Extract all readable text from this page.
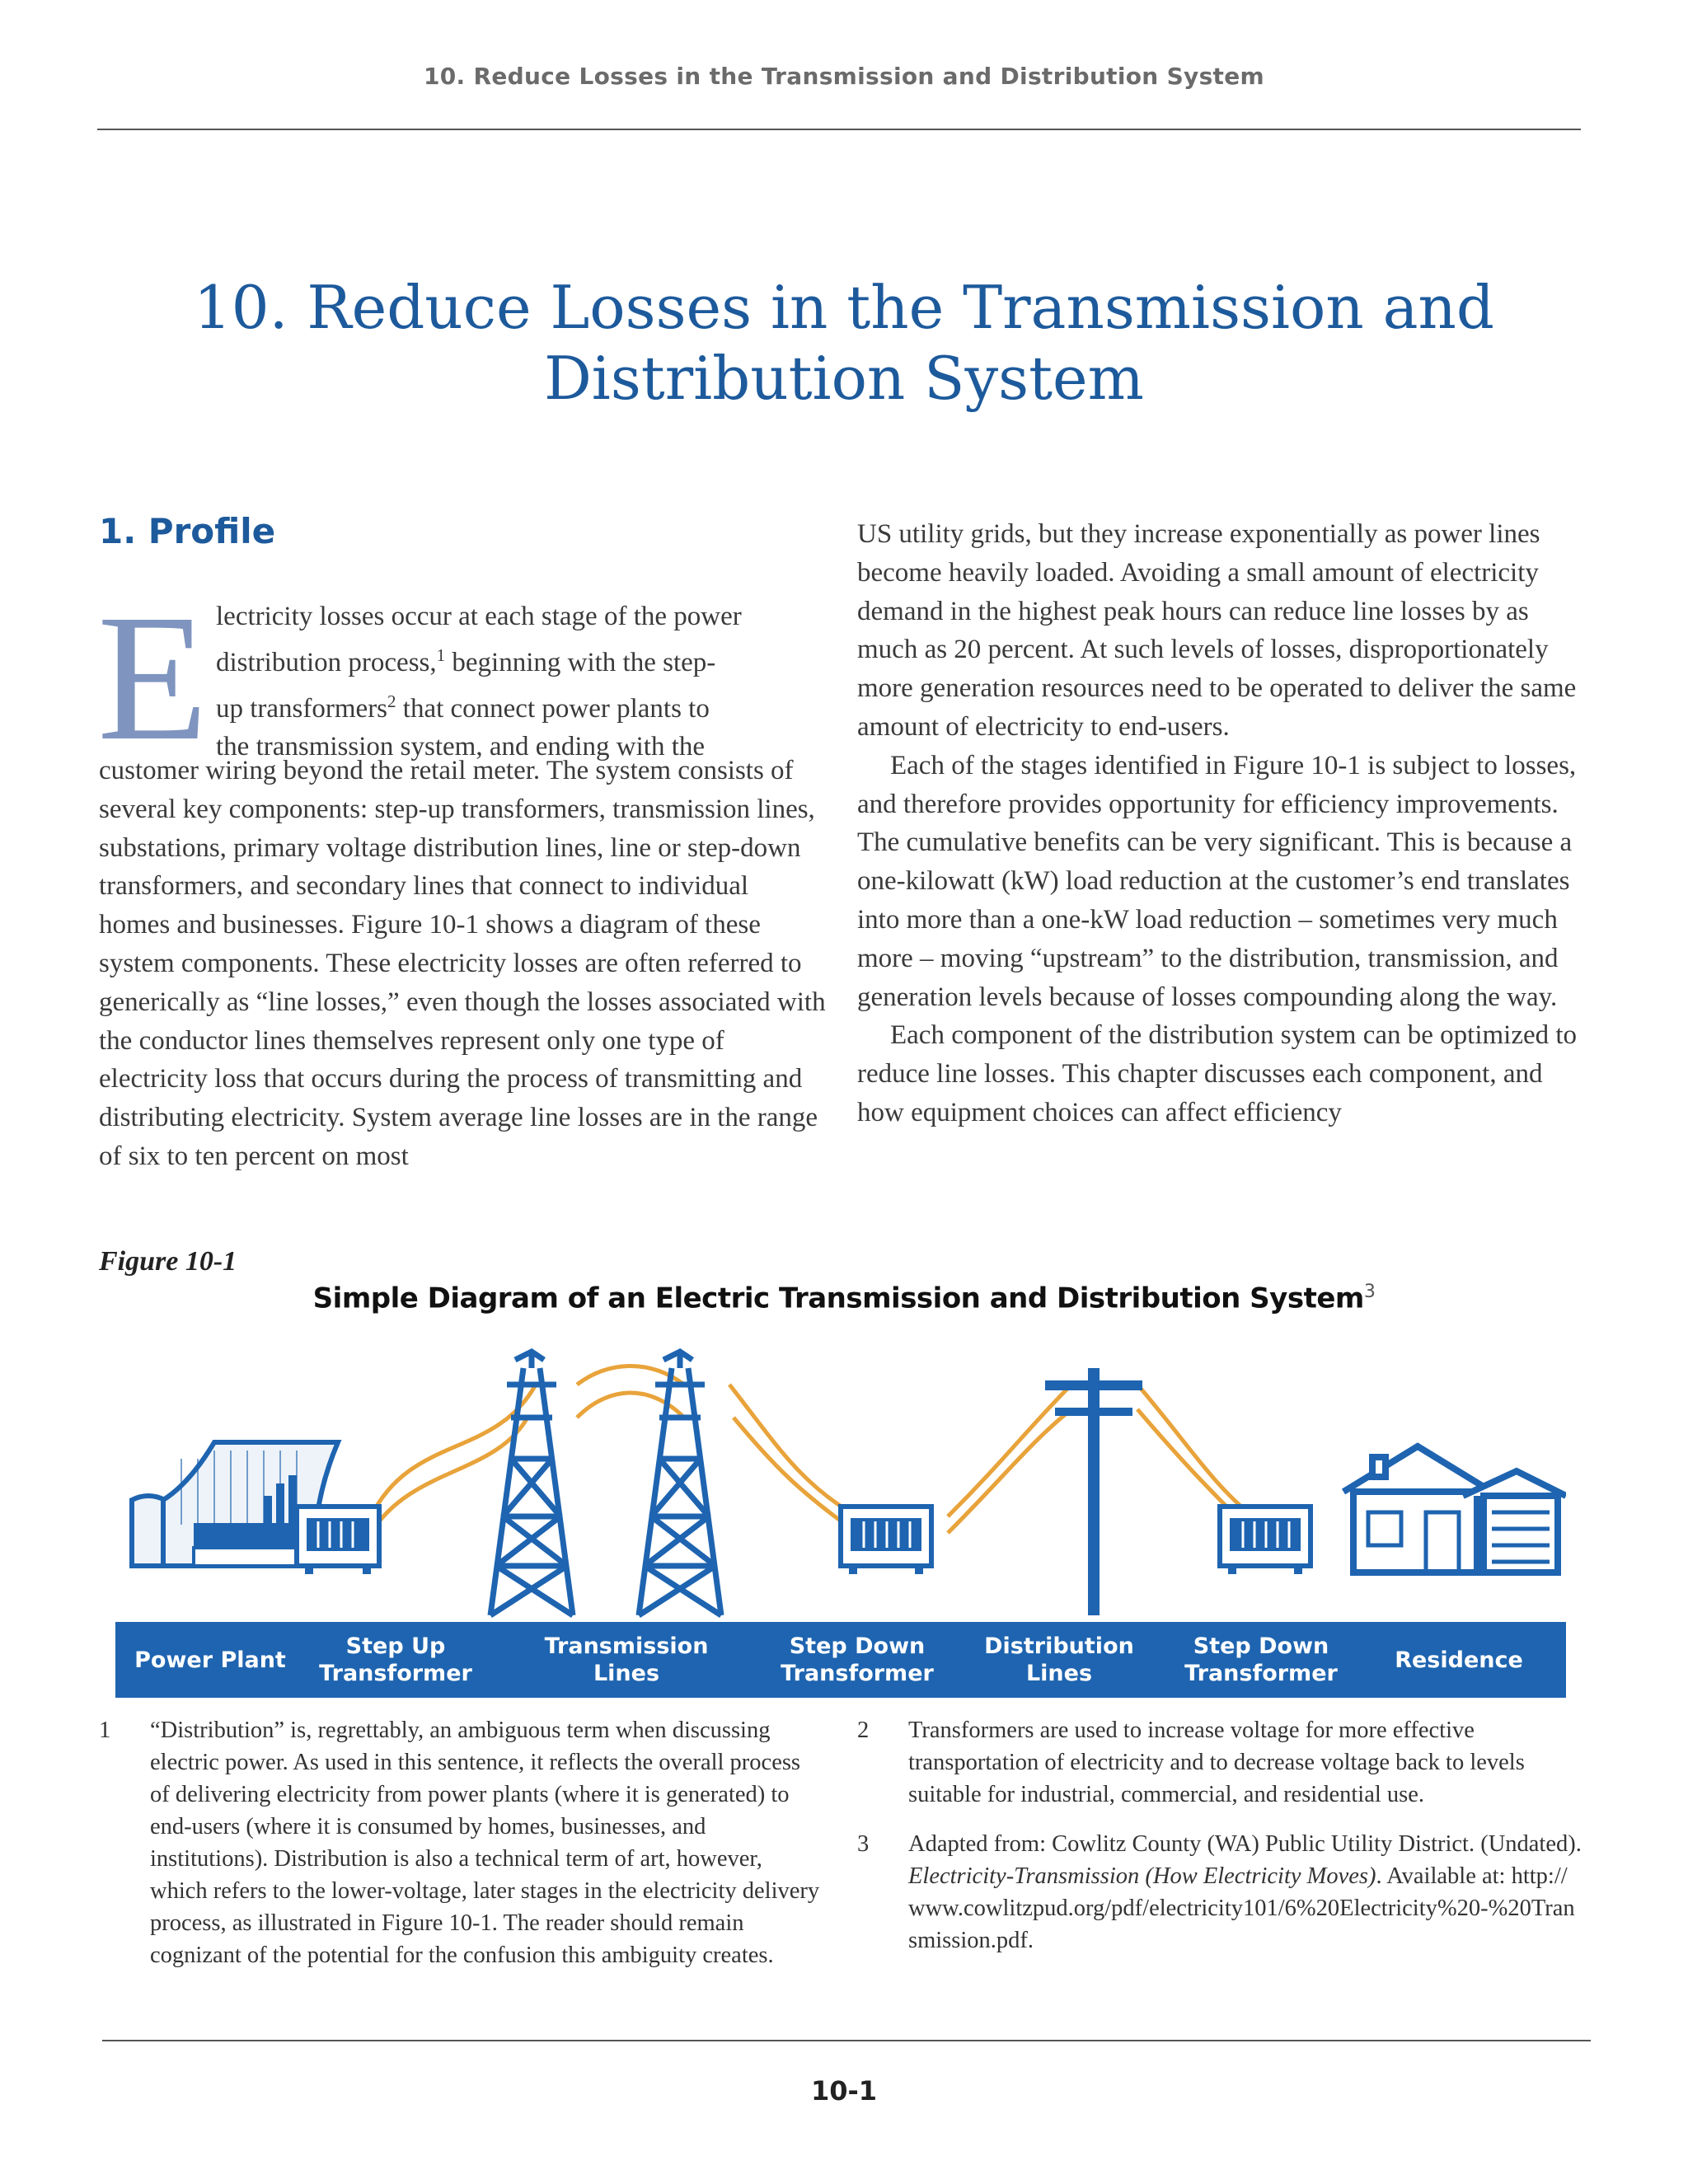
10. Reduce Losses in the Transmission and Distribution System
10. Reduce Losses in the Transmission and
Distribution System
1. Profile
E lectricity losses occur at each stage of the power
distribution process,$^1$ beginning with the step-
up transformers$^2$ that connect power plants to
the transmission system, and ending with the

customer wiring beyond the retail meter. The system consists of several key components: step-up transformers, transmission lines, substations, primary voltage distribution lines, line or step-down transformers, and secondary lines that connect to individual homes and businesses. Figure 10-1 shows a diagram of these system components. These electricity losses are often referred to generically as “line losses,” even though the losses associated with the conductor lines themselves represent only one type of electricity loss that occurs during the process of transmitting and distributing electricity. System average line losses are in the range of six to ten percent on most

US utility grids, but they increase exponentially as power lines become heavily loaded. Avoiding a small amount of electricity demand in the highest peak hours can reduce line losses by as much as 20 percent. At such levels of losses, disproportionately more generation resources need to be operated to deliver the same amount of electricity to end-users.

Each of the stages identified in Figure 10-1 is subject to losses, and therefore provides opportunity for efficiency improvements. The cumulative benefits can be very significant. This is because a one-kilowatt (kW) load reduction at the customer’s end translates into more than a one-kW load reduction – sometimes very much more – moving “upstream” to the distribution, transmission, and generation levels because of losses compounding along the way.

Each component of the distribution system can be optimized to reduce line losses. This chapter discusses each component, and how equipment choices can affect efficiency

Figure 10-1
Simple Diagram of an Electric Transmission and Distribution System$^3$
Power Plant
Step Up
Transformer
Transmission
Lines
Step Down
Transformer
Distribution
Lines
Step Down
Transformer
Residence
1 “Distribution” is, regrettably, an ambiguous term when discussing electric power. As used in this sentence, it reflects the overall process of delivering electricity from power plants (where it is generated) to end-users (where it is consumed by homes, businesses, and institutions). Distribution is also a technical term of art, however, which refers to the lower-voltage, later stages in the electricity delivery process, as illustrated in Figure 10-1. The reader should remain cognizant of the potential for the confusion this ambiguity creates.
2 Transformers are used to increase voltage for more effective transportation of electricity and to decrease voltage back to levels suitable for industrial, commercial, and residential use.
3 Adapted from: Cowlitz County (WA) Public Utility District. (Undated). Electricity-Transmission (How Electricity Moves). Available at: http://www.cowlitzpud.org/pdf/electricity101/6%20Electricity%20-%20Transmission.pdf.
10-1
